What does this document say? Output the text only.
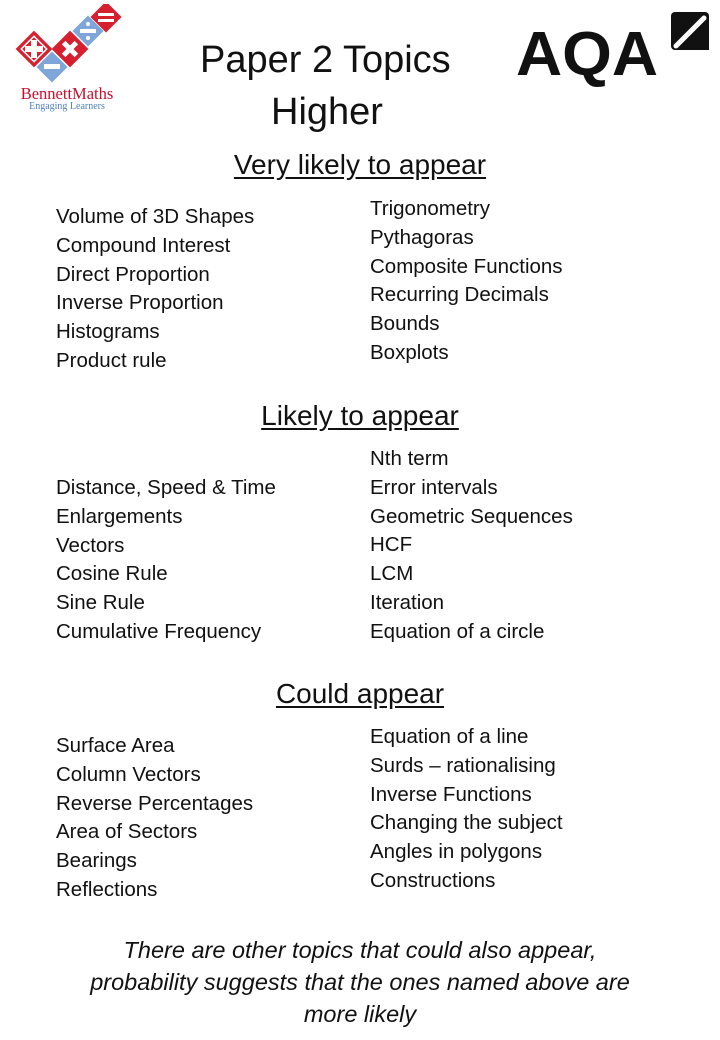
BennettMaths
Engaging Learners
Paper 2 Topics
Higher
AQA
Very likely to appear
Volume of 3D Shapes
Compound Interest
Direct Proportion
Inverse Proportion
Histograms
Product rule
Trigonometry
Pythagoras
Composite Functions
Recurring Decimals
Bounds
Boxplots
Likely to appear
Distance, Speed & Time
Enlargements
Vectors
Cosine Rule
Sine Rule
Cumulative Frequency
Nth term
Error intervals
Geometric Sequences
HCF
LCM
Iteration
Equation of a circle
Could appear
Surface Area
Column Vectors
Reverse Percentages
Area of Sectors
Bearings
Reflections
Equation of a line
Surds – rationalising
Inverse Functions
Changing the subject
Angles in polygons
Constructions
There are other topics that could also appear,
probability suggests that the ones named above are
more likely
